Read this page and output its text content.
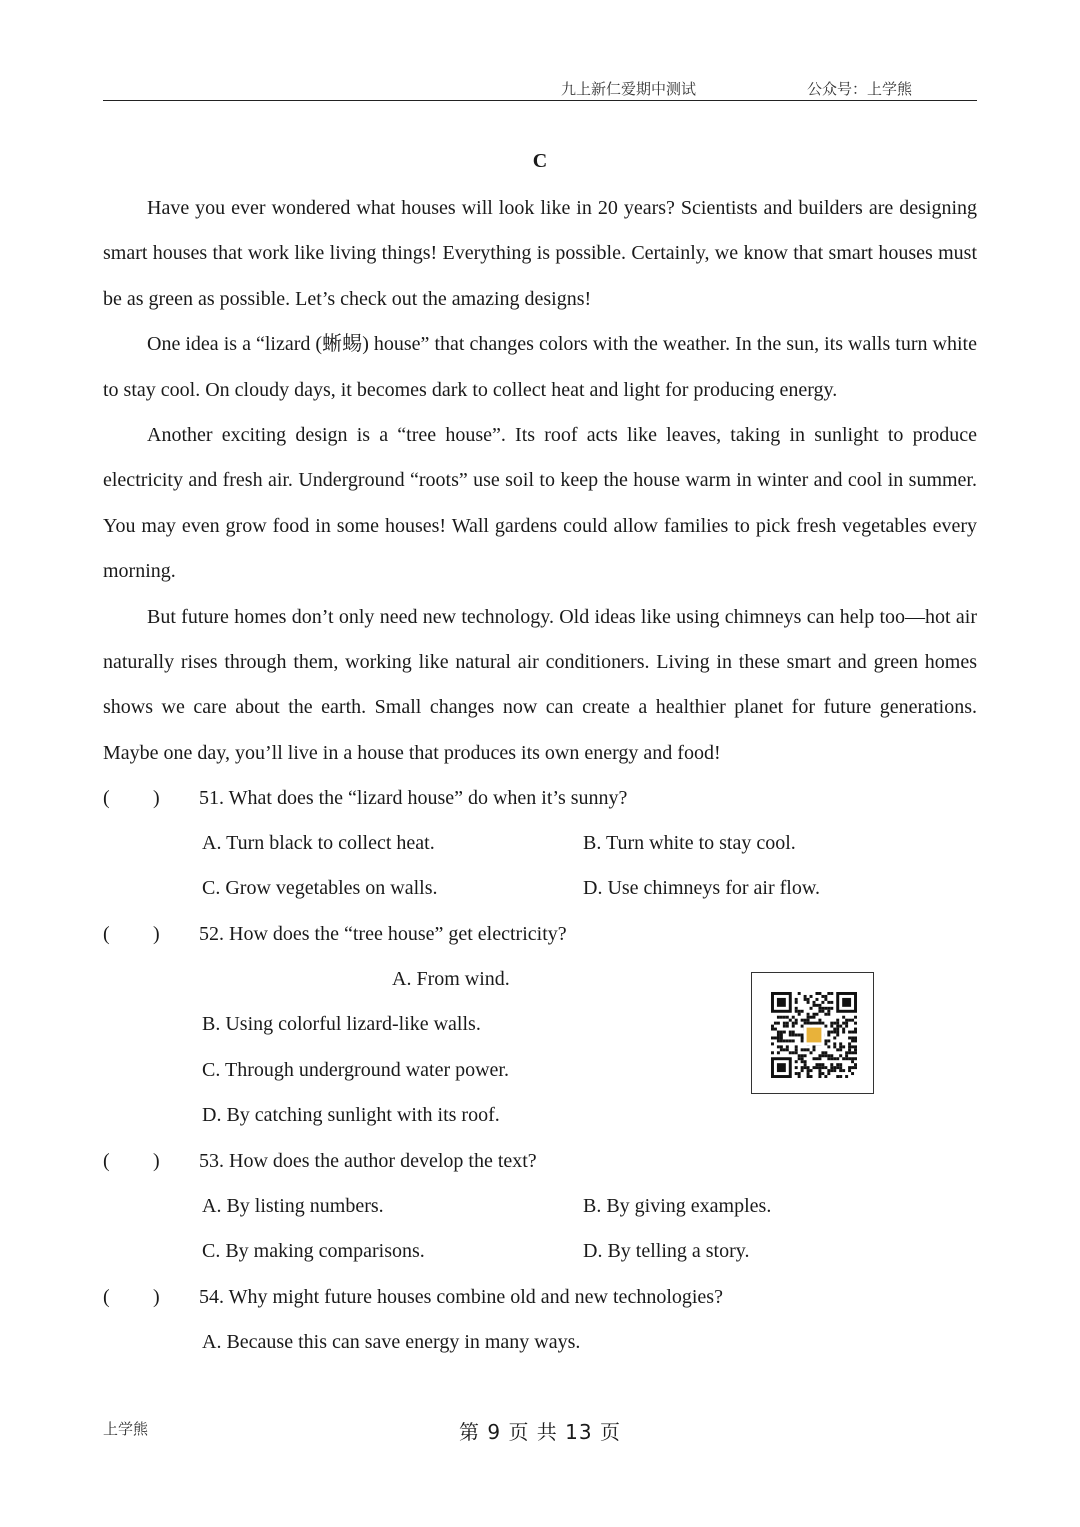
九上新仁爱期中测试	公众号：上学熊
C

Have you ever wondered what houses will look like in 20 years? Scientists and builders are designing smart houses that work like living things! Everything is possible. Certainly, we know that smart houses must be as green as possible. Let’s check out the amazing designs!

One idea is a “lizard (蜥蜴) house” that changes colors with the weather. In the sun, its walls turn white to stay cool. On cloudy days, it becomes dark to collect heat and light for producing energy.

Another exciting design is a “tree house”. Its roof acts like leaves, taking in sunlight to produce electricity and fresh air. Underground “roots” use soil to keep the house warm in winter and cool in summer. You may even grow food in some houses! Wall gardens could allow families to pick fresh vegetables every morning.

But future homes don’t only need new technology. Old ideas like using chimneys can help too—hot air naturally rises through them, working like natural air conditioners. Living in these smart and green homes shows we care about the earth. Small changes now can create a healthier planet for future generations. Maybe one day, you’ll live in a house that produces its own energy and food!

( ) 51. What does the “lizard house” do when it’s sunny?
A. Turn black to collect heat.	B. Turn white to stay cool.
C. Grow vegetables on walls.	D. Use chimneys for air flow.
( ) 52. How does the “tree house” get electricity?
A. From wind.
B. Using colorful lizard-like walls.
C. Through underground water power.
D. By catching sunlight with its roof.
( ) 53. How does the author develop the text?
A. By listing numbers.	B. By giving examples.
C. By making comparisons.	D. By telling a story.
( ) 54. Why might future houses combine old and new technologies?
A. Because this can save energy in many ways.
上学熊	第 9 页 共 13 页
